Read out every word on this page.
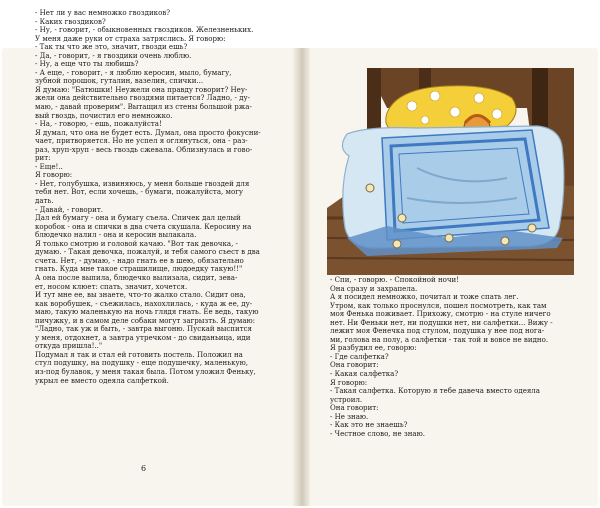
- Нет ли у вас немножко гвоздиков?

- Каких гвоздиков?

- Ну, - говорит, - обыкновенных гвоздиков. Железненьких.

У меня даже руки от страха затряслись. Я говорю:

- Так ты что же это, значит, гвозди ешь?

- Да, - говорит, - я гвоздики очень люблю.

- Ну, а еще что ты любишь?

- А еще, - говорит, - я люблю керосин, мыло, бумагу,

зубной порошок, гуталин, вазелин, спички...

Я думаю: "Батюшки! Неужели она правду говорит? Неу-

жели она действительно гвоздями питается? Ладно, - ду-

маю, - давай проверим". Вытащил из стены большой ржа-

вый гвоздь, почистил его немножко.

- На, - говорю, - ешь, пожалуйста!

Я думал, что она не будет есть. Думал, она просто фокусни-

чает, притворяется. Но не успел я оглянуться, она - раз-

раз, хруп-хруп - весь гвоздь сжевала. Облизнулась и гово-

рит:

- Еще!..

Я говорю:

- Нет, голубушка, извиняюсь, у меня больше гвоздей для

тебя нет. Вот, если хочешь, - бумаги, пожалуйста, могу

дать.

- Давай, - говорит.

Дал ей бумагу - она и бумагу съела. Спичек дал целый

коробок - она и спички в два счета скушала. Керосину на

блюдечко налил - она и керосин вылакала.

Я только смотрю и головой качаю. "Вот так девочка, -

думаю. - Такая девочка, пожалуй, и тебя самого съест в два

счета. Нет, - думаю, - надо гнать ее в шею, обязательно

гнать. Куда мне такое страшилище, людоедку такую!!"

А она после выпила, блюдечко вылизала, сидит, зева-

ет, носом клюет: спать, значит, хочется.

И тут мне ее, вы знаете, что-то жалко стало. Сидит она,

как воробушек, - съежилась, нахохлилась, - куда ж ее, ду-

маю, такую маленькую на ночь глядя гнать. Ее ведь, такую

пичужку, и в самом деле собаки могут загрызть. Я думаю:

"Ладно, так уж и быть, - завтра выгоню. Пускай выспится

у меня, отдохнет, а завтра утречком - до свиданьица, иди

откуда пришла!.."

Подумал я так и стал ей готовить постель. Положил на

стул подушку, на подушку - еще подушечку, маленькую,

из-под булавок, у меня такая была. Потом уложил Феньку,

укрыл ее вместо одеяла салфеткой.

6

- Спи, - говорю. - Спокойной ночи!

Она сразу и захрапела.

А я посидел немножко, почитал и тоже спать лег.

Утром, как только проснулся, пошел посмотреть, как там

моя Фенька поживает. Прихожу, смотрю - на стуле ничего

нет. Ни Феньки нет, ни подушки нет, ни салфетки... Вижу -

лежит моя Фенечка под стулом, подушка у нее под нога-

ми, голова на полу, а салфетки - так той и вовсе не видно.

Я разбудил ее, говорю:

- Где салфетка?

Она говорит:

- Какая салфетка?

Я говорю:

- Такая салфетка. Которую я тебе давеча вместо одеяла

устроил.

Она говорит:

- Не знаю.

- Как это не знаешь?

- Честное слово, не знаю.
